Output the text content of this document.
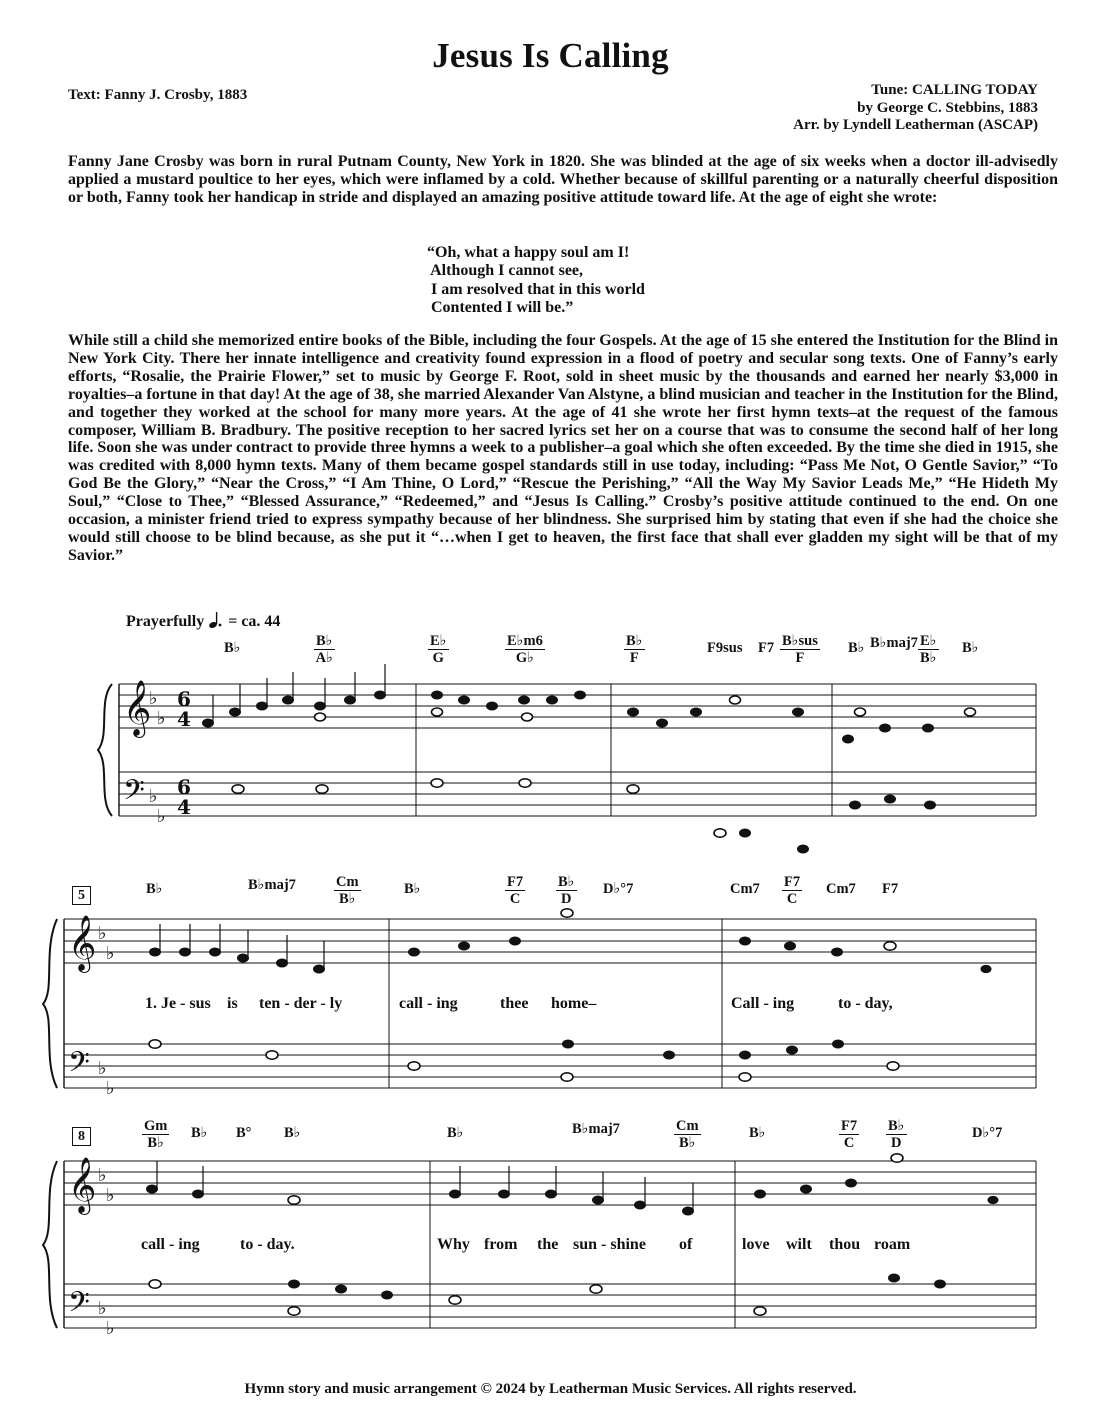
Jesus Is Calling
Text: Fanny J. Crosby, 1883	Tune: CALLING TODAY
by George C. Stebbins, 1883
Arr. by Lyndell Leatherman (ASCAP)
Fanny Jane Crosby was born in rural Putnam County, New York in 1820. She was blinded at the age of six weeks when a doctor ill-advisedly applied a mustard poultice to her eyes, which were inflamed by a cold. Whether because of skillful parenting or a naturally cheerful disposition or both, Fanny took her handicap in stride and displayed an amazing positive attitude toward life. At the age of eight she wrote:
“Oh, what a happy soul am I!
Although I cannot see,
I am resolved that in this world
Contented I will be.”
While still a child she memorized entire books of the Bible, including the four Gospels. At the age of 15 she entered the Institution for the Blind in New York City. There her innate intelligence and creativity found expression in a flood of poetry and secular song texts. One of Fanny’s early efforts, “Rosalie, the Prairie Flower,” set to music by George F. Root, sold in sheet music by the thousands and earned her nearly $3,000 in royalties–a fortune in that day! At the age of 38, she married Alexander Van Alstyne, a blind musician and teacher in the Institution for the Blind, and together they worked at the school for many more years. At the age of 41 she wrote her first hymn texts–at the request of the famous composer, William B. Bradbury. The positive reception to her sacred lyrics set her on a course that was to consume the second half of her long life. Soon she was under contract to provide three hymns a week to a publisher–a goal which she often exceeded. By the time she died in 1915, she was credited with 8,000 hymn texts. Many of them became gospel standards still in use today, including: “Pass Me Not, O Gentle Savior,” “To God Be the Glory,” “Near the Cross,” “I Am Thine, O Lord,” “Rescue the Perishing,” “All the Way My Savior Leads Me,” “He Hideth My Soul,” “Close to Thee,” “Blessed Assurance,” “Redeemed,” and “Jesus Is Calling.” Crosby’s positive attitude continued to the end. On one occasion, a minister friend tried to express sympathy because of her blindness. She surprised him by stating that even if she had the choice she would still choose to be blind because, as she put it “…when I get to heaven, the first face that shall ever gladden my sight will be that of my Savior.”
Prayerfully = ca. 44
B♭	$\frac{B♭}{A♭}$	$\frac{E♭}{G}$	$\frac{E♭m6}{G♭}$	$\frac{B♭}{F}$	F9sus F7 B♭sus
F
B♭ B♭maj7 $\frac{E♭}{B♭}$ B♭
B♭	B♭maj7	$\frac{Cm}{B♭}$	B♭	$\frac{F7}{C} \frac{B♭}{D}$ D♭°7	$Cm7 \frac{F7}{C} Cm7$ F7
$\frac{Gm}{B♭}$ B♭ B° B♭	B♭	B♭maj7	$\frac{Cm}{B♭}$	B♭	$\frac{F7}{C} \frac{B♭}{D}$	D♭°7
5
8
1. Je - sus is ten - der - ly	call - ing	thee home–	Call - ing	to - day,
call - ing	to - day.	Why from the sun - shine of	love wilt thou roam
𝄞
𝄢
♭
♭
♭
♭
6
4
6
4
𝄞
𝄢
♭
♭
♭
♭
𝄞
𝄢
♭
♭
♭
♭
Hymn story and music arrangement © 2024 by Leatherman Music Services. All rights reserved.
